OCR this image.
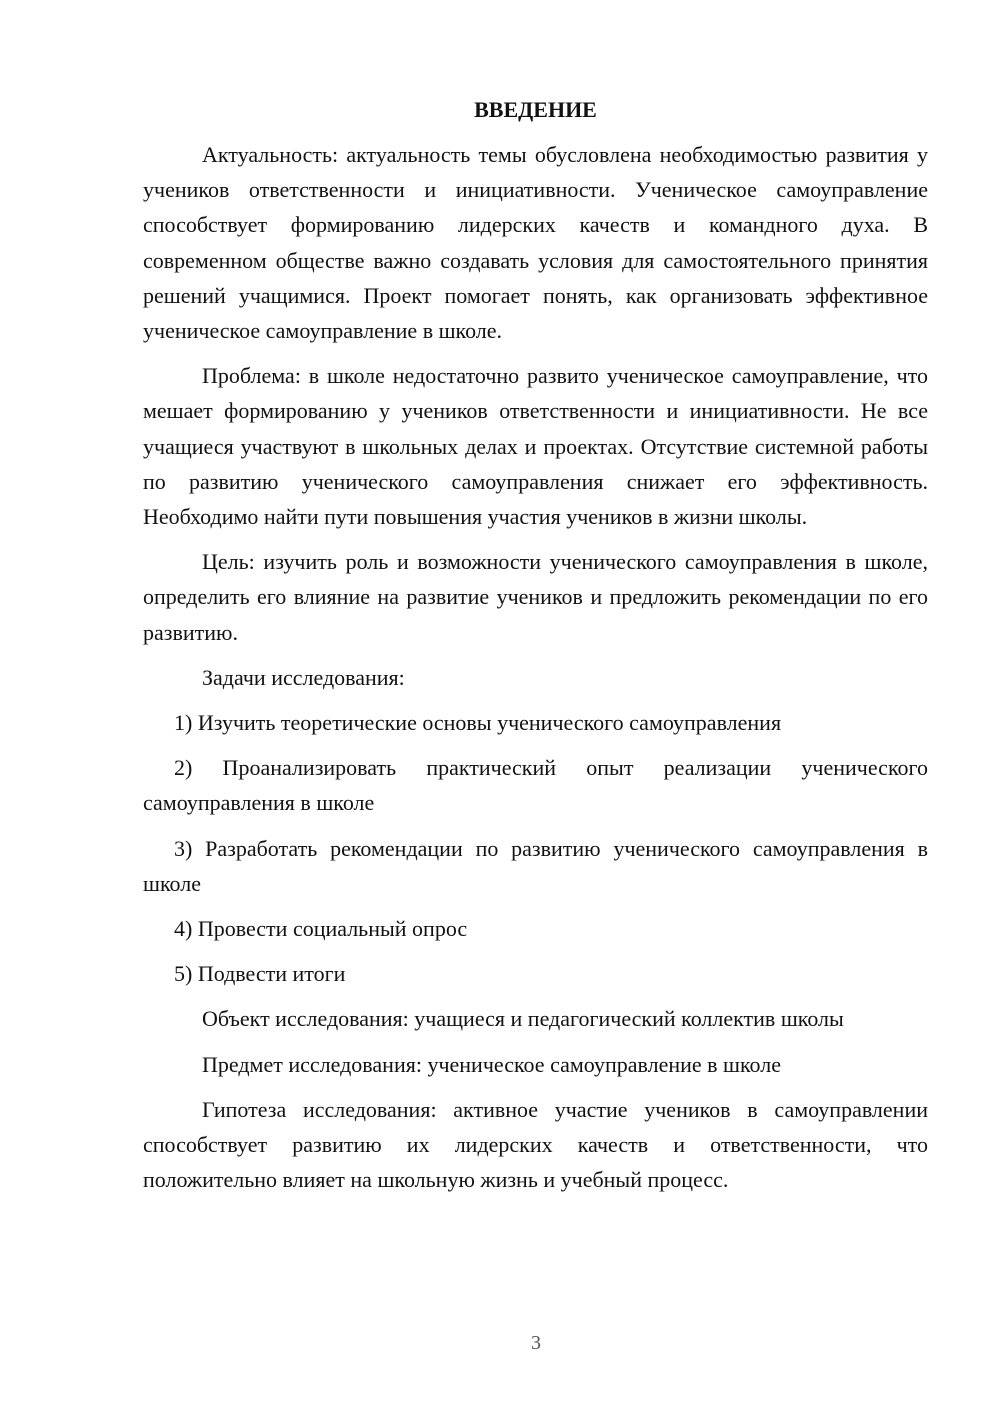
ВВЕДЕНИЕ
Актуальность: актуальность темы обусловлена необходимостью развития у учеников ответственности и инициативности. Ученическое самоуправление способствует формированию лидерских качеств и командного духа. В современном обществе важно создавать условия для самостоятельного принятия решений учащимися. Проект помогает понять, как организовать эффективное ученическое самоуправление в школе.
Проблема: в школе недостаточно развито ученическое самоуправление, что мешает формированию у учеников ответственности и инициативности. Не все учащиеся участвуют в школьных делах и проектах. Отсутствие системной работы по развитию ученического самоуправления снижает его эффективность. Необходимо найти пути повышения участия учеников в жизни школы.
Цель: изучить роль и возможности ученического самоуправления в школе, определить его влияние на развитие учеников и предложить рекомендации по его развитию.
Задачи исследования:
1) Изучить теоретические основы ученического самоуправления
2) Проанализировать практический опыт реализации ученического самоуправления в школе
3) Разработать рекомендации по развитию ученического самоуправления в школе
4) Провести социальный опрос
5) Подвести итоги
Объект исследования: учащиеся и педагогический коллектив школы
Предмет исследования: ученическое самоуправление в школе
Гипотеза исследования: активное участие учеников в самоуправлении способствует развитию их лидерских качеств и ответственности, что положительно влияет на школьную жизнь и учебный процесс.
3
